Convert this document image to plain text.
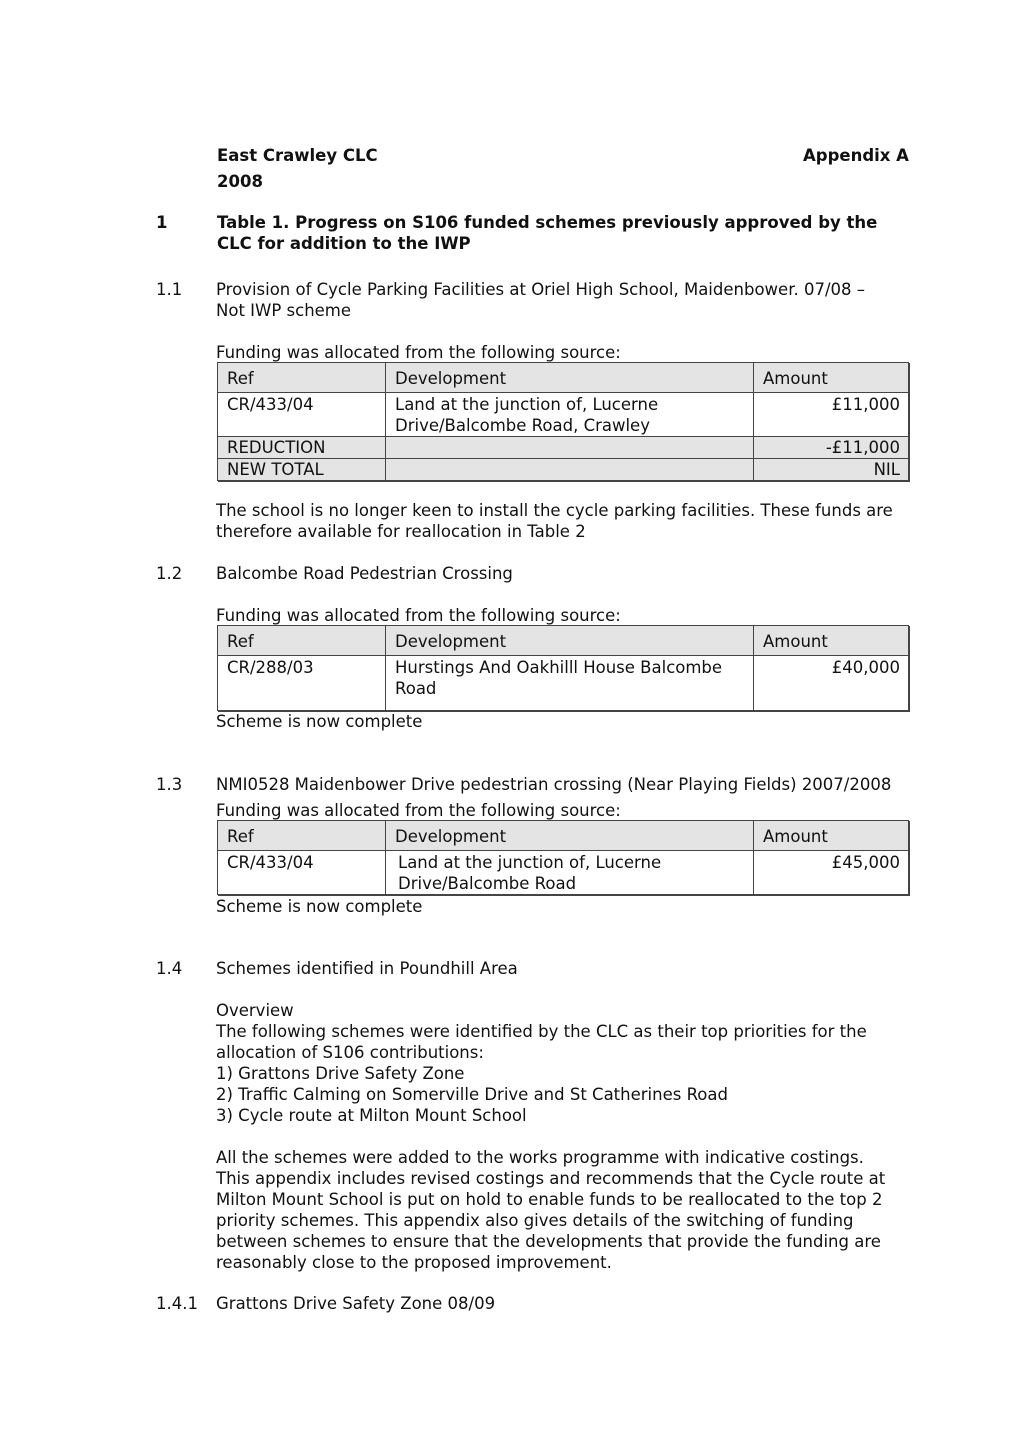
East Crawley CLC	Appendix A
2008
1	Table 1. Progress on S106 funded schemes previously approved by the
CLC for addition to the IWP
1.1 Provision of Cycle Parking Facilities at Oriel High School, Maidenbower. 07/08 –
Not IWP scheme
Funding was allocated from the following source:
Ref	Development	Amount
CR/433/04	Land at the junction of, Lucerne
Drive/Balcombe Road, Crawley	£11,000
REDUCTION		-£11,000
NEW TOTAL		NIL
The school is no longer keen to install the cycle parking facilities. These funds are
therefore available for reallocation in Table 2
1.2 Balcombe Road Pedestrian Crossing
Funding was allocated from the following source:
Ref	Development	Amount
CR/288/03	Hurstings And Oakhilll House Balcombe
Road	£40,000
Scheme is now complete
1.3 NMI0528 Maidenbower Drive pedestrian crossing (Near Playing Fields) 2007/2008
Funding was allocated from the following source:
Ref	Development	Amount
CR/433/04	Land at the junction of, Lucerne
Drive/Balcombe Road	£45,000
Scheme is now complete
1.4 Schemes identified in Poundhill Area
Overview
The following schemes were identified by the CLC as their top priorities for the
allocation of S106 contributions:
1) Grattons Drive Safety Zone
2) Traffic Calming on Somerville Drive and St Catherines Road
3) Cycle route at Milton Mount School
All the schemes were added to the works programme with indicative costings.
This appendix includes revised costings and recommends that the Cycle route at
Milton Mount School is put on hold to enable funds to be reallocated to the top 2
priority schemes. This appendix also gives details of the switching of funding
between schemes to ensure that the developments that provide the funding are
reasonably close to the proposed improvement.
1.4.1 Grattons Drive Safety Zone 08/09
